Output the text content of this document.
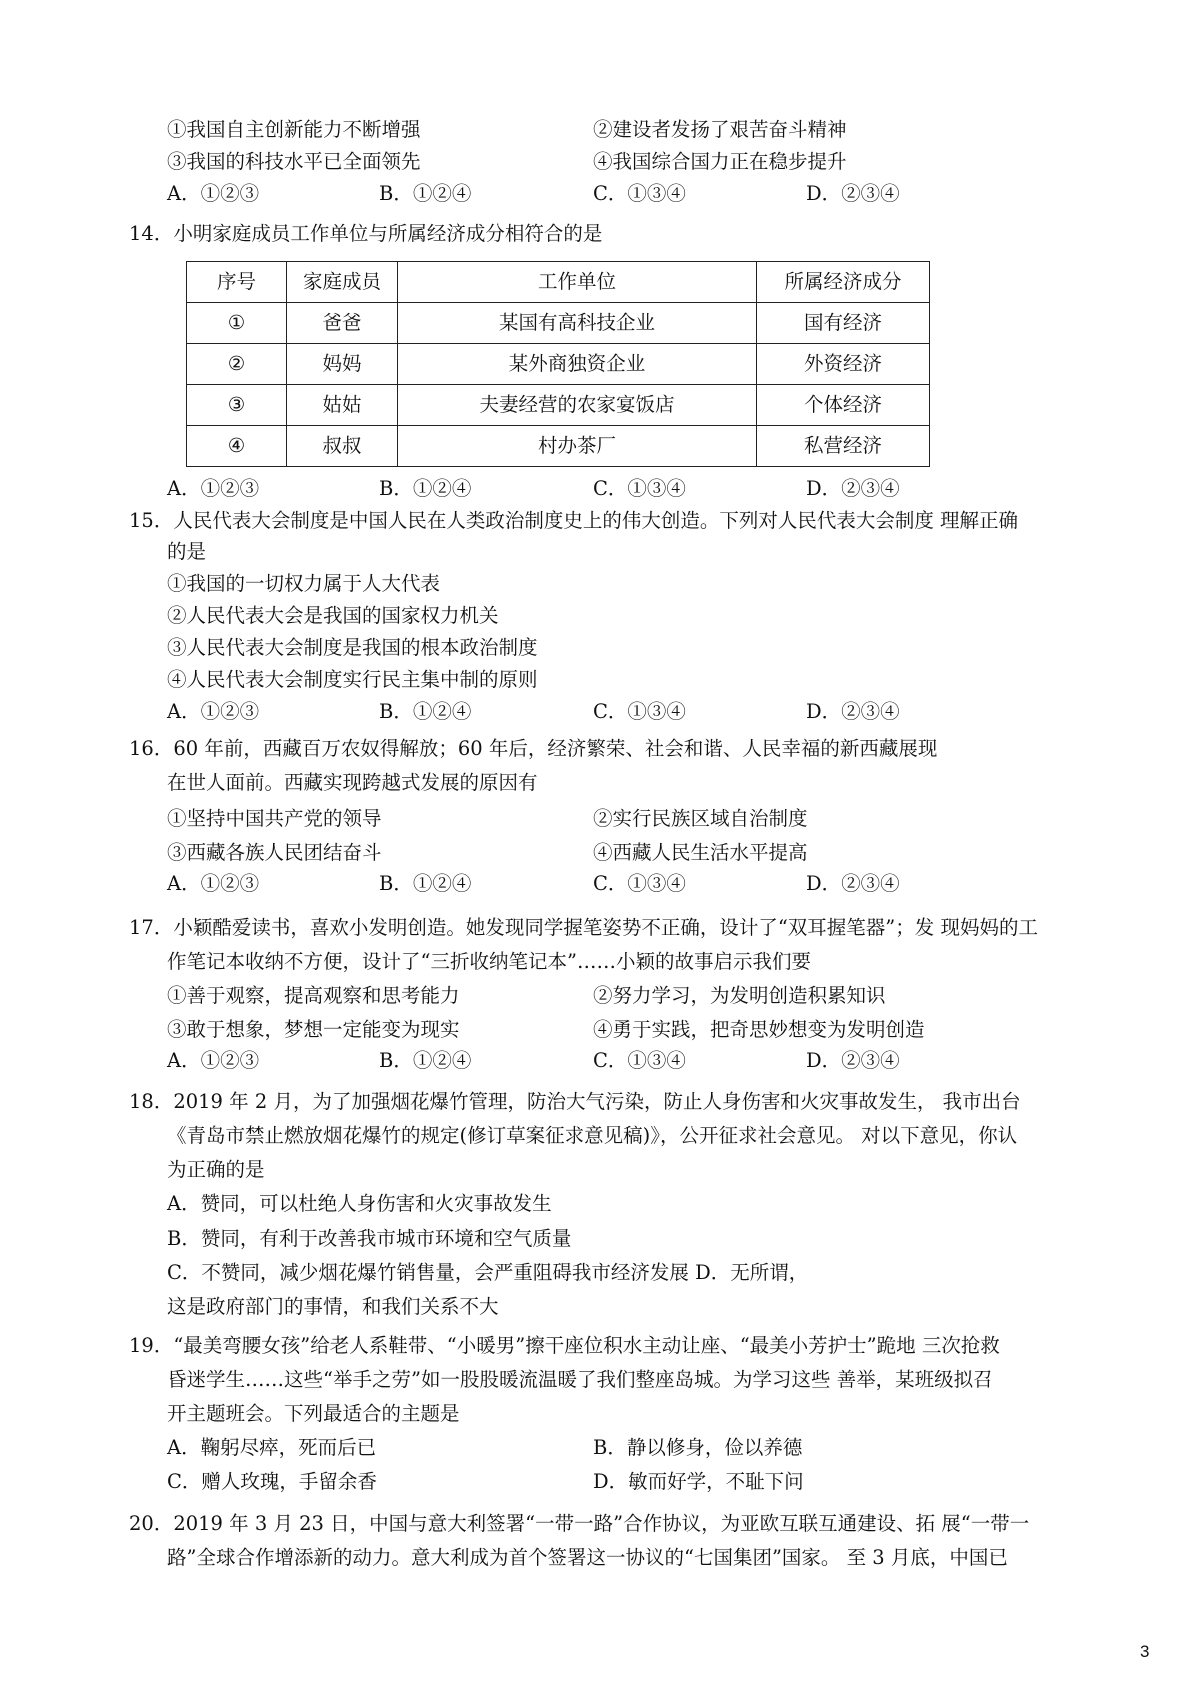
①我国自主创新能力不断增强	②建设者发扬了艰苦奋斗精神
③我国的科技水平已全面领先	④我国综合国力正在稳步提升
A．①②③	B．①②④	C．①③④	D．②③④
14．小明家庭成员工作单位与所属经济成分相符合的是
序号	家庭成员	工作单位	所属经济成分
①	爸爸	某国有高科技企业	国有经济
②	妈妈	某外商独资企业	外资经济
③	姑姑	夫妻经营的农家宴饭店	个体经济
④	叔叔	村办茶厂	私营经济
A．①②③	B．①②④	C．①③④	D．②③④
15．人民代表大会制度是中国人民在人类政治制度史上的伟大创造。下列对人民代表大会制度 理解正确
的是
①我国的一切权力属于人大代表
②人民代表大会是我国的国家权力机关
③人民代表大会制度是我国的根本政治制度
④人民代表大会制度实行民主集中制的原则
A．①②③	B．①②④	C．①③④	D．②③④
16．60 年前，西藏百万农奴得解放；60 年后，经济繁荣、社会和谐、人民幸福的新西藏展现
在世人面前。西藏实现跨越式发展的原因有
①坚持中国共产党的领导	②实行民族区域自治制度
③西藏各族人民团结奋斗	④西藏人民生活水平提高
A．①②③	B．①②④	C．①③④	D．②③④
17．小颖酷爱读书，喜欢小发明创造。她发现同学握笔姿势不正确，设计了“双耳握笔器”；发 现妈妈的工
作笔记本收纳不方便，设计了“三折收纳笔记本”……小颖的故事启示我们要
①善于观察，提高观察和思考能力	②努力学习，为发明创造积累知识
③敢于想象，梦想一定能变为现实	④勇于实践，把奇思妙想变为发明创造
A．①②③	B．①②④	C．①③④	D．②③④
18．2019 年 2 月，为了加强烟花爆竹管理，防治大气污染，防止人身伤害和火灾事故发生， 我市出台
《青岛市禁止燃放烟花爆竹的规定(修订草案征求意见稿)》，公开征求社会意见。 对以下意见，你认
为正确的是
A．赞同，可以杜绝人身伤害和火灾事故发生
B．赞同，有利于改善我市城市环境和空气质量
C．不赞同，减少烟花爆竹销售量，会严重阻碍我市经济发展 D．无所谓，
这是政府部门的事情，和我们关系不大
19．“最美弯腰女孩”给老人系鞋带、“小暖男”擦干座位积水主动让座、“最美小芳护士”跪地 三次抢救
昏迷学生……这些“举手之劳”如一股股暖流温暖了我们整座岛城。为学习这些 善举，某班级拟召
开主题班会。下列最适合的主题是
A．鞠躬尽瘁，死而后已	B．静以修身，俭以养德
C．赠人玫瑰，手留余香	D．敏而好学，不耻下问
20．2019 年 3 月 23 日，中国与意大利签署“一带一路”合作协议，为亚欧互联互通建设、拓 展“一带一
路”全球合作增添新的动力。意大利成为首个签署这一协议的“七国集团”国家。 至 3 月底，中国已
3
